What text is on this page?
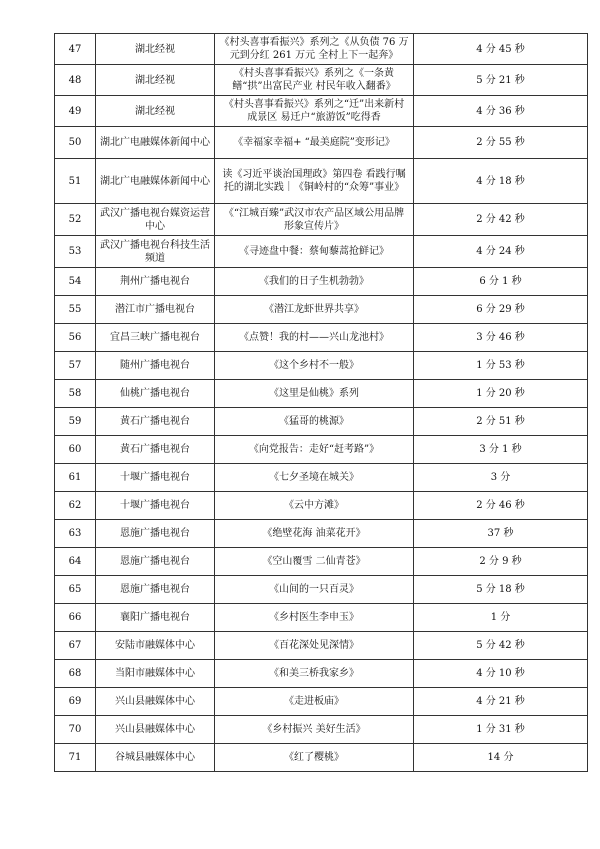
47	湖北经视	《村头喜事看振兴》系列之《从负债 76 万元到分红 261 万元 全村上下一起奔》	4 分 45 秒
48	湖北经视	《村头喜事看振兴》系列之《一条黄鳝“拱”出富民产业 村民年收入翻番》	5 分 21 秒
49	湖北经视	《村头喜事看振兴》系列之“迁”出来新村成景区 易迁户“旅游饭”吃得香	4 分 36 秒
50	湖北广电融媒体新闻中心	《幸福家幸福+ “最美庭院”变形记》	2 分 55 秒
51	湖北广电融媒体新闻中心	读《习近平谈治国理政》第四卷 看践行嘱托的湖北实践｜《铜岭村的“众筹”事业》	4 分 18 秒
52	武汉广播电视台媒资运营中心	《“江城百臻”武汉市农产品区域公用品牌形象宣传片》	2 分 42 秒
53	武汉广播电视台科技生活频道	《寻迹盘中餐：蔡甸藜蒿抢鲜记》	4 分 24 秒
54	荆州广播电视台	《我们的日子生机勃勃》	6 分 1 秒
55	潜江市广播电视台	《潜江龙虾世界共享》	6 分 29 秒
56	宜昌三峡广播电视台	《点赞！我的村——兴山龙池村》	3 分 46 秒
57	随州广播电视台	《这个乡村不一般》	1 分 53 秒
58	仙桃广播电视台	《这里是仙桃》系列	1 分 20 秒
59	黄石广播电视台	《猛哥的桃源》	2 分 51 秒
60	黄石广播电视台	《向党报告：走好“赶考路”》	3 分 1 秒
61	十堰广播电视台	《七夕圣境在城关》	3 分
62	十堰广播电视台	《云中方滩》	2 分 46 秒
63	恩施广播电视台	《绝壁花海 油菜花开》	37 秒
64	恩施广播电视台	《空山覆雪 二仙青苍》	2 分 9 秒
65	恩施广播电视台	《山间的一只百灵》	5 分 18 秒
66	襄阳广播电视台	《乡村医生李申玉》	1 分
67	安陆市融媒体中心	《百花深处见深情》	5 分 42 秒
68	当阳市融媒体中心	《和美三桥我家乡》	4 分 10 秒
69	兴山县融媒体中心	《走进板庙》	4 分 21 秒
70	兴山县融媒体中心	《乡村振兴 美好生活》	1 分 31 秒
71	谷城县融媒体中心	《红了樱桃》	14 分
